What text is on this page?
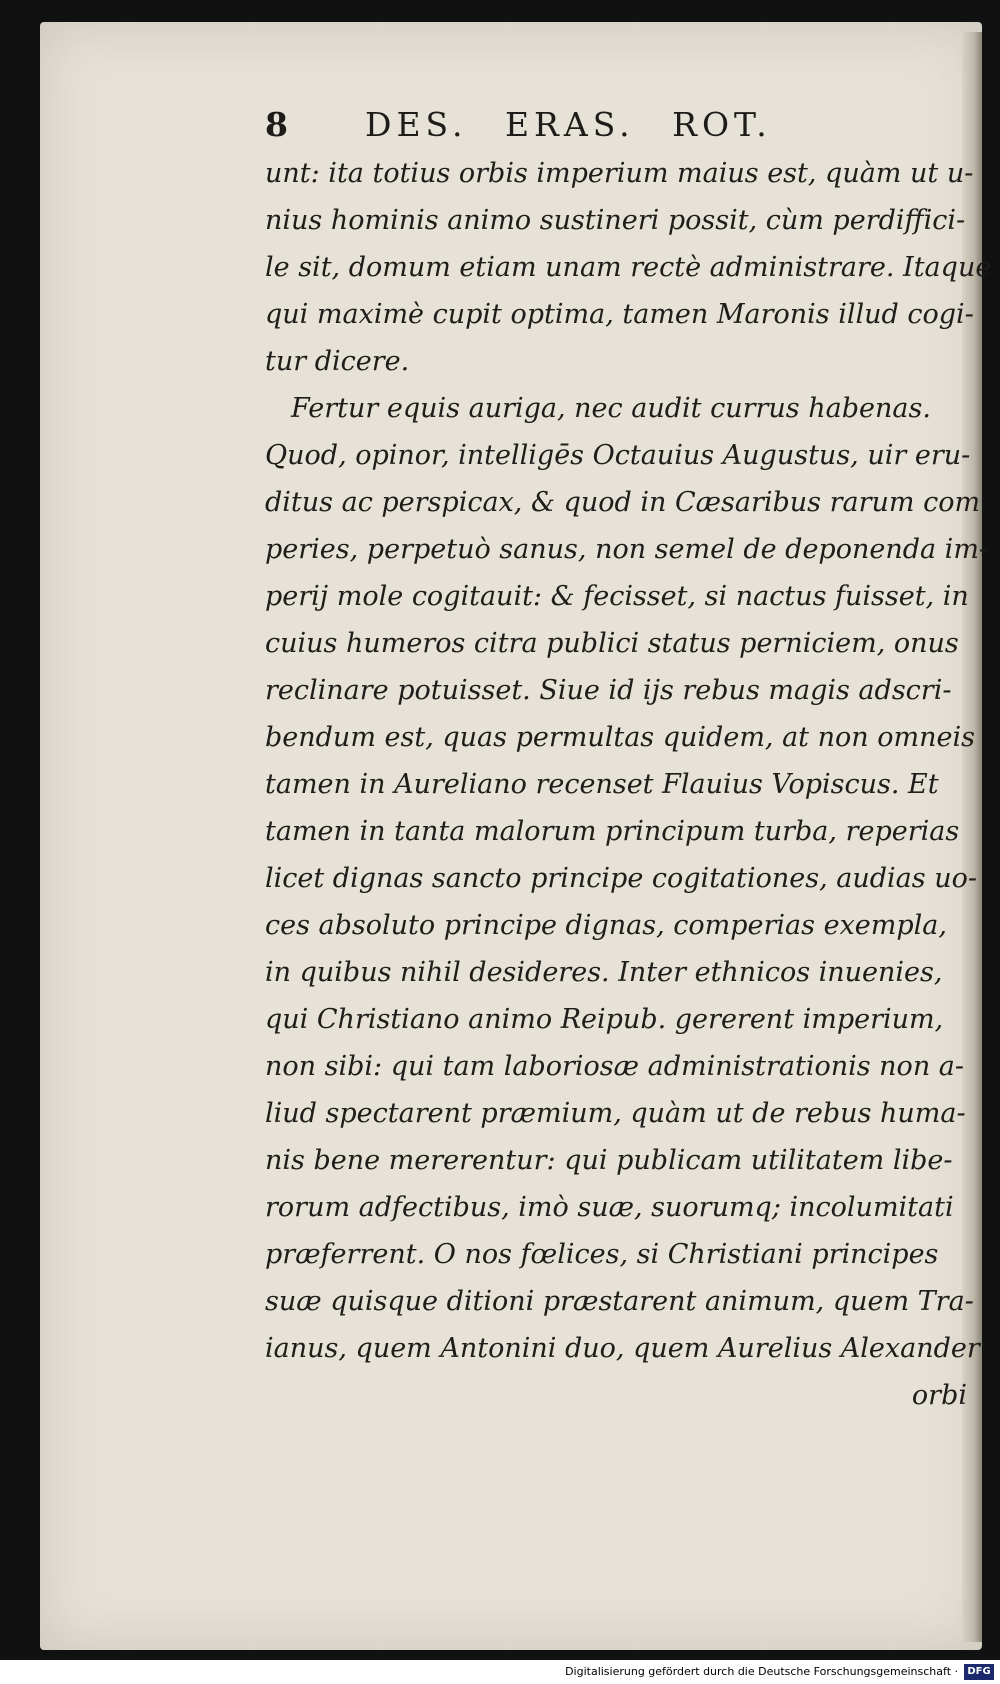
8 DES. ERAS. ROT.
unt: ita totius orbis imperium maius est, quàm ut u-
nius hominis animo sustineri possit, cùm perdiffici-
le sit, domum etiam unam rectè administrare. Itaque
qui maximè cupit optima, tamen Maronis illud cogi-
tur dicere.
Fertur equis auriga, nec audit currus habenas.
Quod, opinor, intelligēs Octauius Augustus, uir eru-
ditus ac perspicax, & quod in Cæsaribus rarum com
peries, perpetuò sanus, non semel de deponenda im-
perij mole cogitauit: & fecisset, si nactus fuisset, in
cuius humeros citra publici status perniciem, onus
reclinare potuisset. Siue id ijs rebus magis adscri-
bendum est, quas permultas quidem, at non omneis
tamen in Aureliano recenset Flauius Vopiscus. Et
tamen in tanta malorum principum turba, reperias
licet dignas sancto principe cogitationes, audias uo-
ces absoluto principe dignas, comperias exempla,
in quibus nihil desideres. Inter ethnicos inuenies,
qui Christiano animo Reipub. gererent imperium,
non sibi: qui tam laboriosæ administrationis non a-
liud spectarent præmium, quàm ut de rebus huma-
nis bene mererentur: qui publicam utilitatem libe-
rorum adfectibus, imò suæ, suorumq; incolumitati
præferrent. O nos fœlices, si Christiani principes
suæ quisque ditioni præstarent animum, quem Tra-
ianus, quem Antonini duo, quem Aurelius Alexander
orbi
Digitalisierung gefördert durch die Deutsche Forschungsgemeinschaft · DFG
